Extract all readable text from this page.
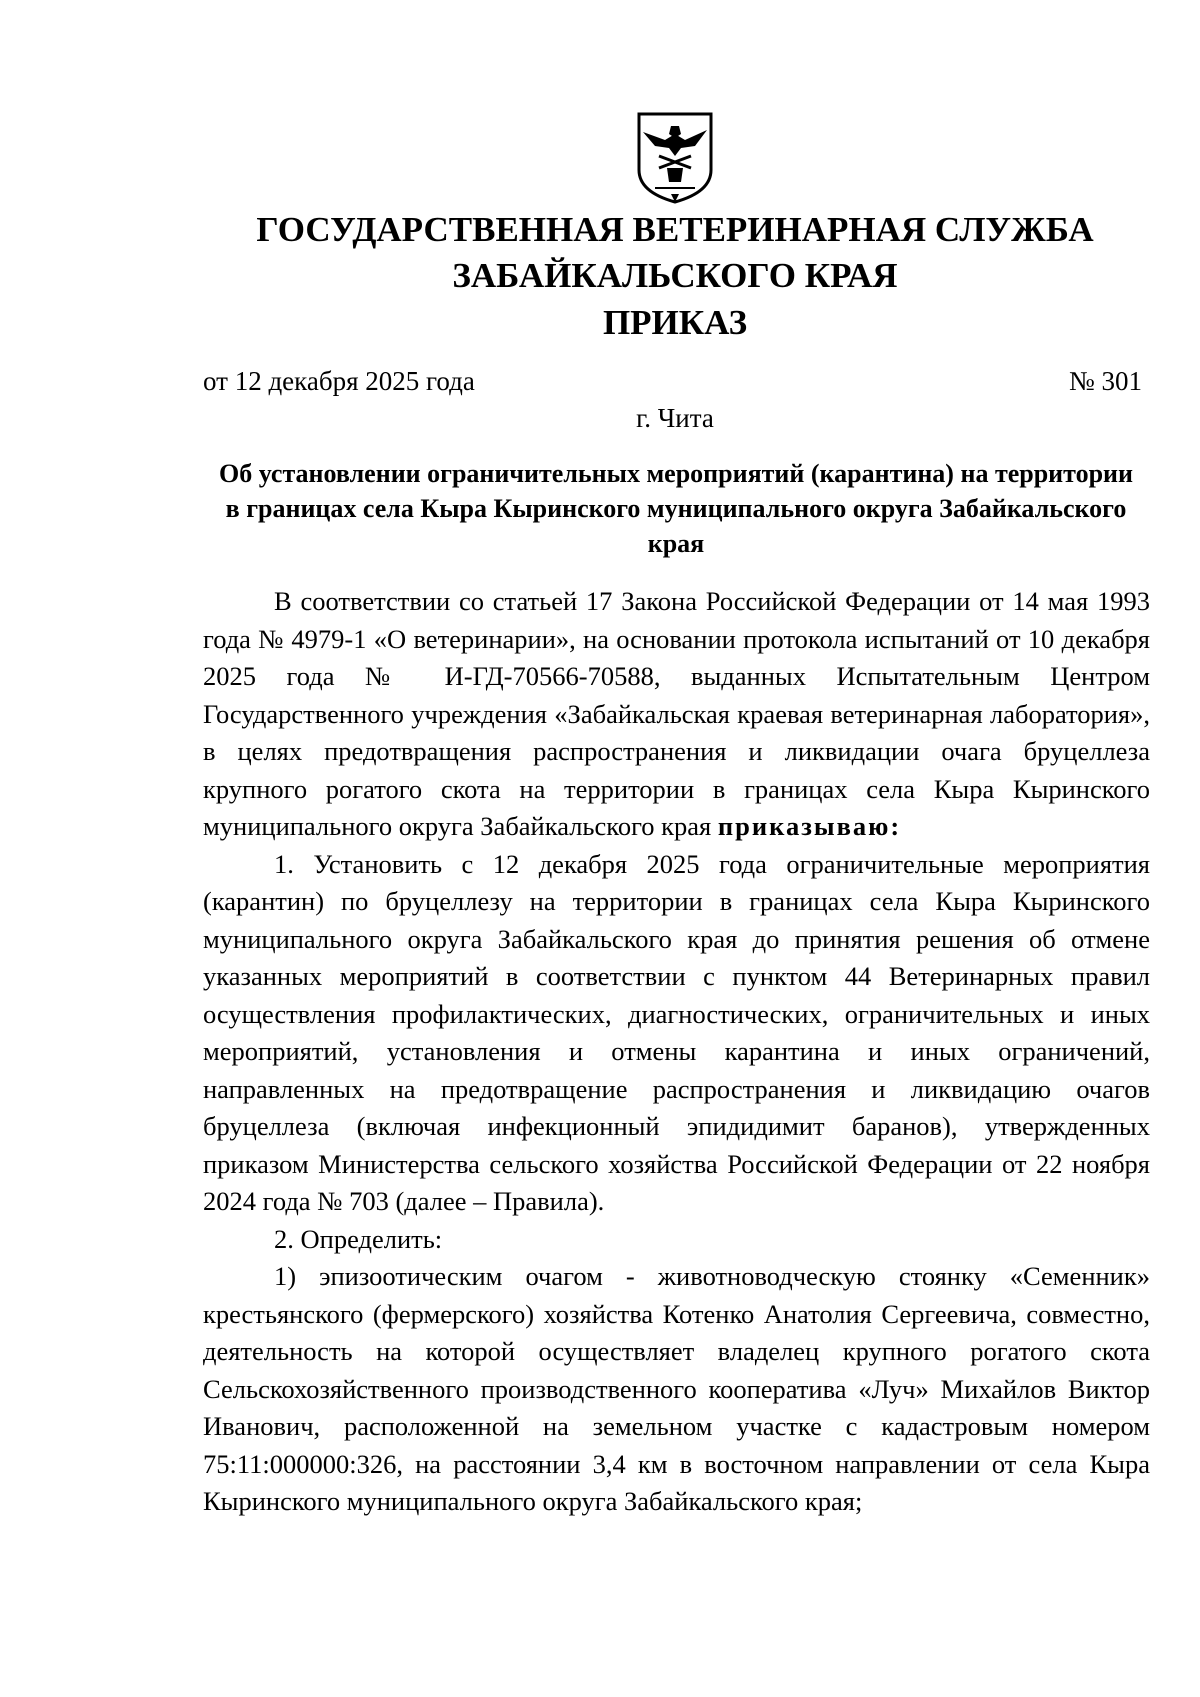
ГОСУДАРСТВЕННАЯ ВЕТЕРИНАРНАЯ СЛУЖБА
ЗАБАЙКАЛЬСКОГО КРАЯ
ПРИКАЗ
от 12 декабря 2025 года	№ 301
г. Чита
Об установлении ограничительных мероприятий (карантина) на территории в границах села Кыра Кыринского муниципального округа Забайкальского края

В соответствии со статьей 17 Закона Российской Федерации от 14 мая 1993 года № 4979-1 «О ветеринарии», на основании протокола испытаний от 10 декабря 2025 года № И-ГД-70566-70588, выданных Испытательным Центром Государственного учреждения «Забайкальская краевая ветеринарная лаборатория», в целях предотвращения распространения и ликвидации очага бруцеллеза крупного рогатого скота на территории в границах села Кыра Кыринского муниципального округа Забайкальского края приказываю:

1. Установить с 12 декабря 2025 года ограничительные мероприятия (карантин) по бруцеллезу на территории в границах села Кыра Кыринского муниципального округа Забайкальского края до принятия решения об отмене указанных мероприятий в соответствии с пунктом 44 Ветеринарных правил осуществления профилактических, диагностических, ограничительных и иных мероприятий, установления и отмены карантина и иных ограничений, направленных на предотвращение распространения и ликвидацию очагов бруцеллеза (включая инфекционный эпидидимит баранов), утвержденных приказом Министерства сельского хозяйства Российской Федерации от 22 ноября 2024 года № 703 (далее – Правила).

2. Определить:

1) эпизоотическим очагом - животноводческую стоянку «Семенник» крестьянского (фермерского) хозяйства Котенко Анатолия Сергеевича, совместно, деятельность на которой осуществляет владелец крупного рогатого скота Сельскохозяйственного производственного кооператива «Луч» Михайлов Виктор Иванович, расположенной на земельном участке с кадастровым номером 75:11:000000:326, на расстоянии 3,4 км в восточном направлении от села Кыра Кыринского муниципального округа Забайкальского края;
